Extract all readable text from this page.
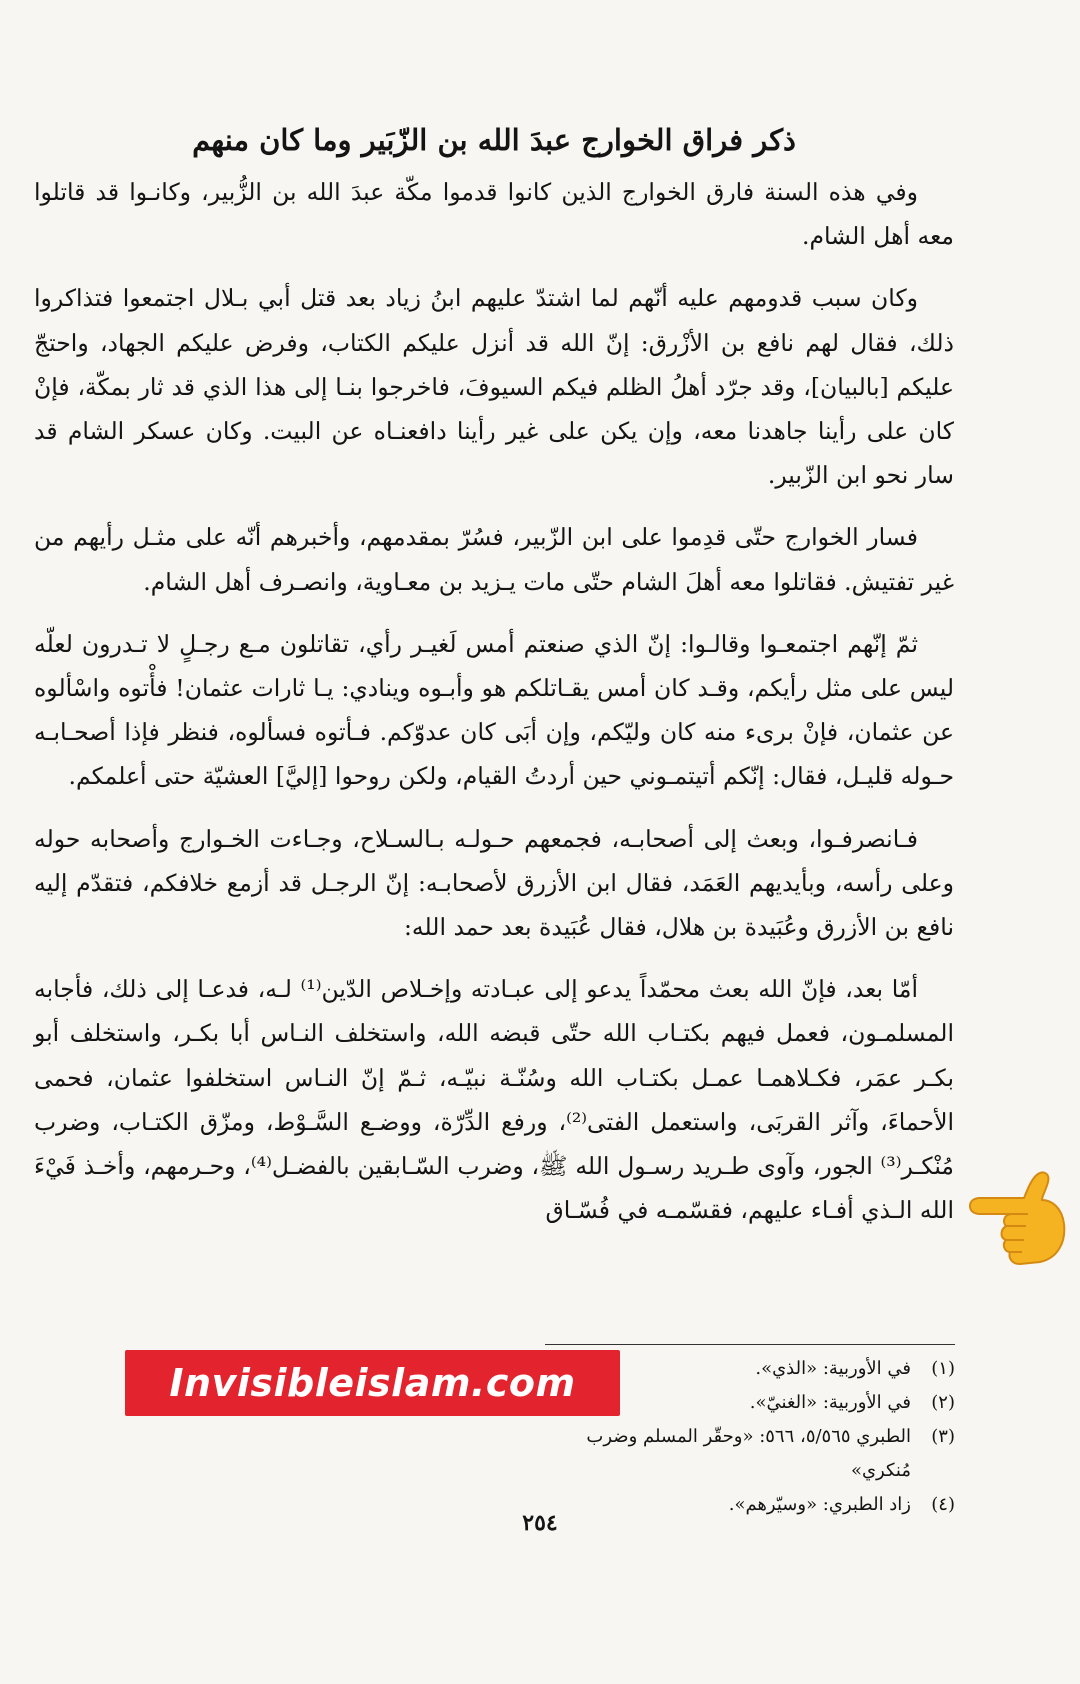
ذكر فراق الخوارج عبدَ الله بن الزّبَير وما كان منهم

وفي هذه السنة فارق الخوارج الذين كانوا قدموا مكّة عبدَ الله بن الزُّبير، وكانـوا قد قاتلوا معه أهل الشام.

وكان سبب قدومهم عليه أنّهم لما اشتدّ عليهم ابنُ زياد بعد قتل أبي بـلال اجتمعوا فتذاكروا ذلك، فقال لهم نافع بن الأزْرق: إنّ الله قد أنزل عليكم الكتاب، وفرض عليكم الجهاد، واحتجّ عليكم [بالبيان]، وقد جرّد أهلُ الظلم فيكم السيوفَ، فاخرجوا بنـا إلى هذا الذي قد ثار بمكّة، فإنْ كان على رأينا جاهدنا معه، وإن يكن على غير رأينا دافعنـاه عن البيت. وكان عسكر الشام قد سار نحو ابن الزّبير.

فسار الخوارج حتّى قدِموا على ابن الزّبير، فسُرّ بمقدمهم، وأخبرهم أنّه على مثـل رأيهم من غير تفتيش. فقاتلوا معه أهلَ الشام حتّى مات يـزيد بن معـاوية، وانصـرف أهل الشام.

ثمّ إنّهم اجتمعـوا وقالـوا: إنّ الذي صنعتم أمس لَغيـر رأي، تقاتلون مـع رجـلٍ لا تـدرون لعلّه ليس على مثل رأيكم، وقـد كان أمس يقـاتلكم هو وأبـوه وينادي: يـا ثارات عثمان! فأْتوه واسْألوه عن عثمان، فإنْ برىء منه كان وليّكم، وإن أبَى كان عدوّكم. فـأتوه فسألوه، فنظر فإذا أصحـابـه حـوله قليـل، فقال: إنّكم أتيتمـوني حين أردتُ القيام، ولكن روحوا [إليَّ] العشيّة حتى أعلمكم.

فـانصرفـوا، وبعث إلى أصحابـه، فجمعهم حـولـه بـالسـلاح، وجـاءت الخـوارج وأصحابه حوله وعلى رأسه، وبأيديهم العَمَد، فقال ابن الأزرق لأصحابـه: إنّ الرجـل قد أزمع خلافكم، فتقدّم إليه نافع بن الأزرق وعُبَيدة بن هلال، فقال عُبَيدة بعد حمد الله:

أمّا بعد، فإنّ الله بعث محمّداً يدعو إلى عبـادته وإخـلاص الدّين⁽¹⁾ لـه، فدعـا إلى ذلك، فأجابه المسلمـون، فعمل فيهم بكتـاب الله حتّى قبضه الله، واستخلف النـاس أبا بكـر، واستخلف أبو بكـر عمَر، فكـلاهمـا عمـل بكتـاب الله وسُنّـة نبيّـه، ثـمّ إنّ النـاس استخلفوا عثمان، فحمى الأحماءَ، وآثر القربَى، واستعمل الفتى⁽²⁾، ورفع الدِّرّة، ووضـع السَّـوْط، ومزّق الكتـاب، وضرب مُنْكـر⁽³⁾ الجور، وآوى طـريد رسـول الله ﷺ، وضرب السّـابقين بالفضـل⁽⁴⁾، وحـرمهم، وأخـذ فَيْءَ الله الـذي أفـاء عليهم، فقسّمـه في فُسّـاق

Invisibleislam.com	(١)
في الأوربية: «الذي».
(٢)
في الأوربية: «الغنيّ».
(٣)
الطبري ٥/٥٦٥، ٥٦٦: «وحقّر المسلم وضرب مُنكري»
(٤)
زاد الطبري: «وسيّرهم».
٢٥٤
